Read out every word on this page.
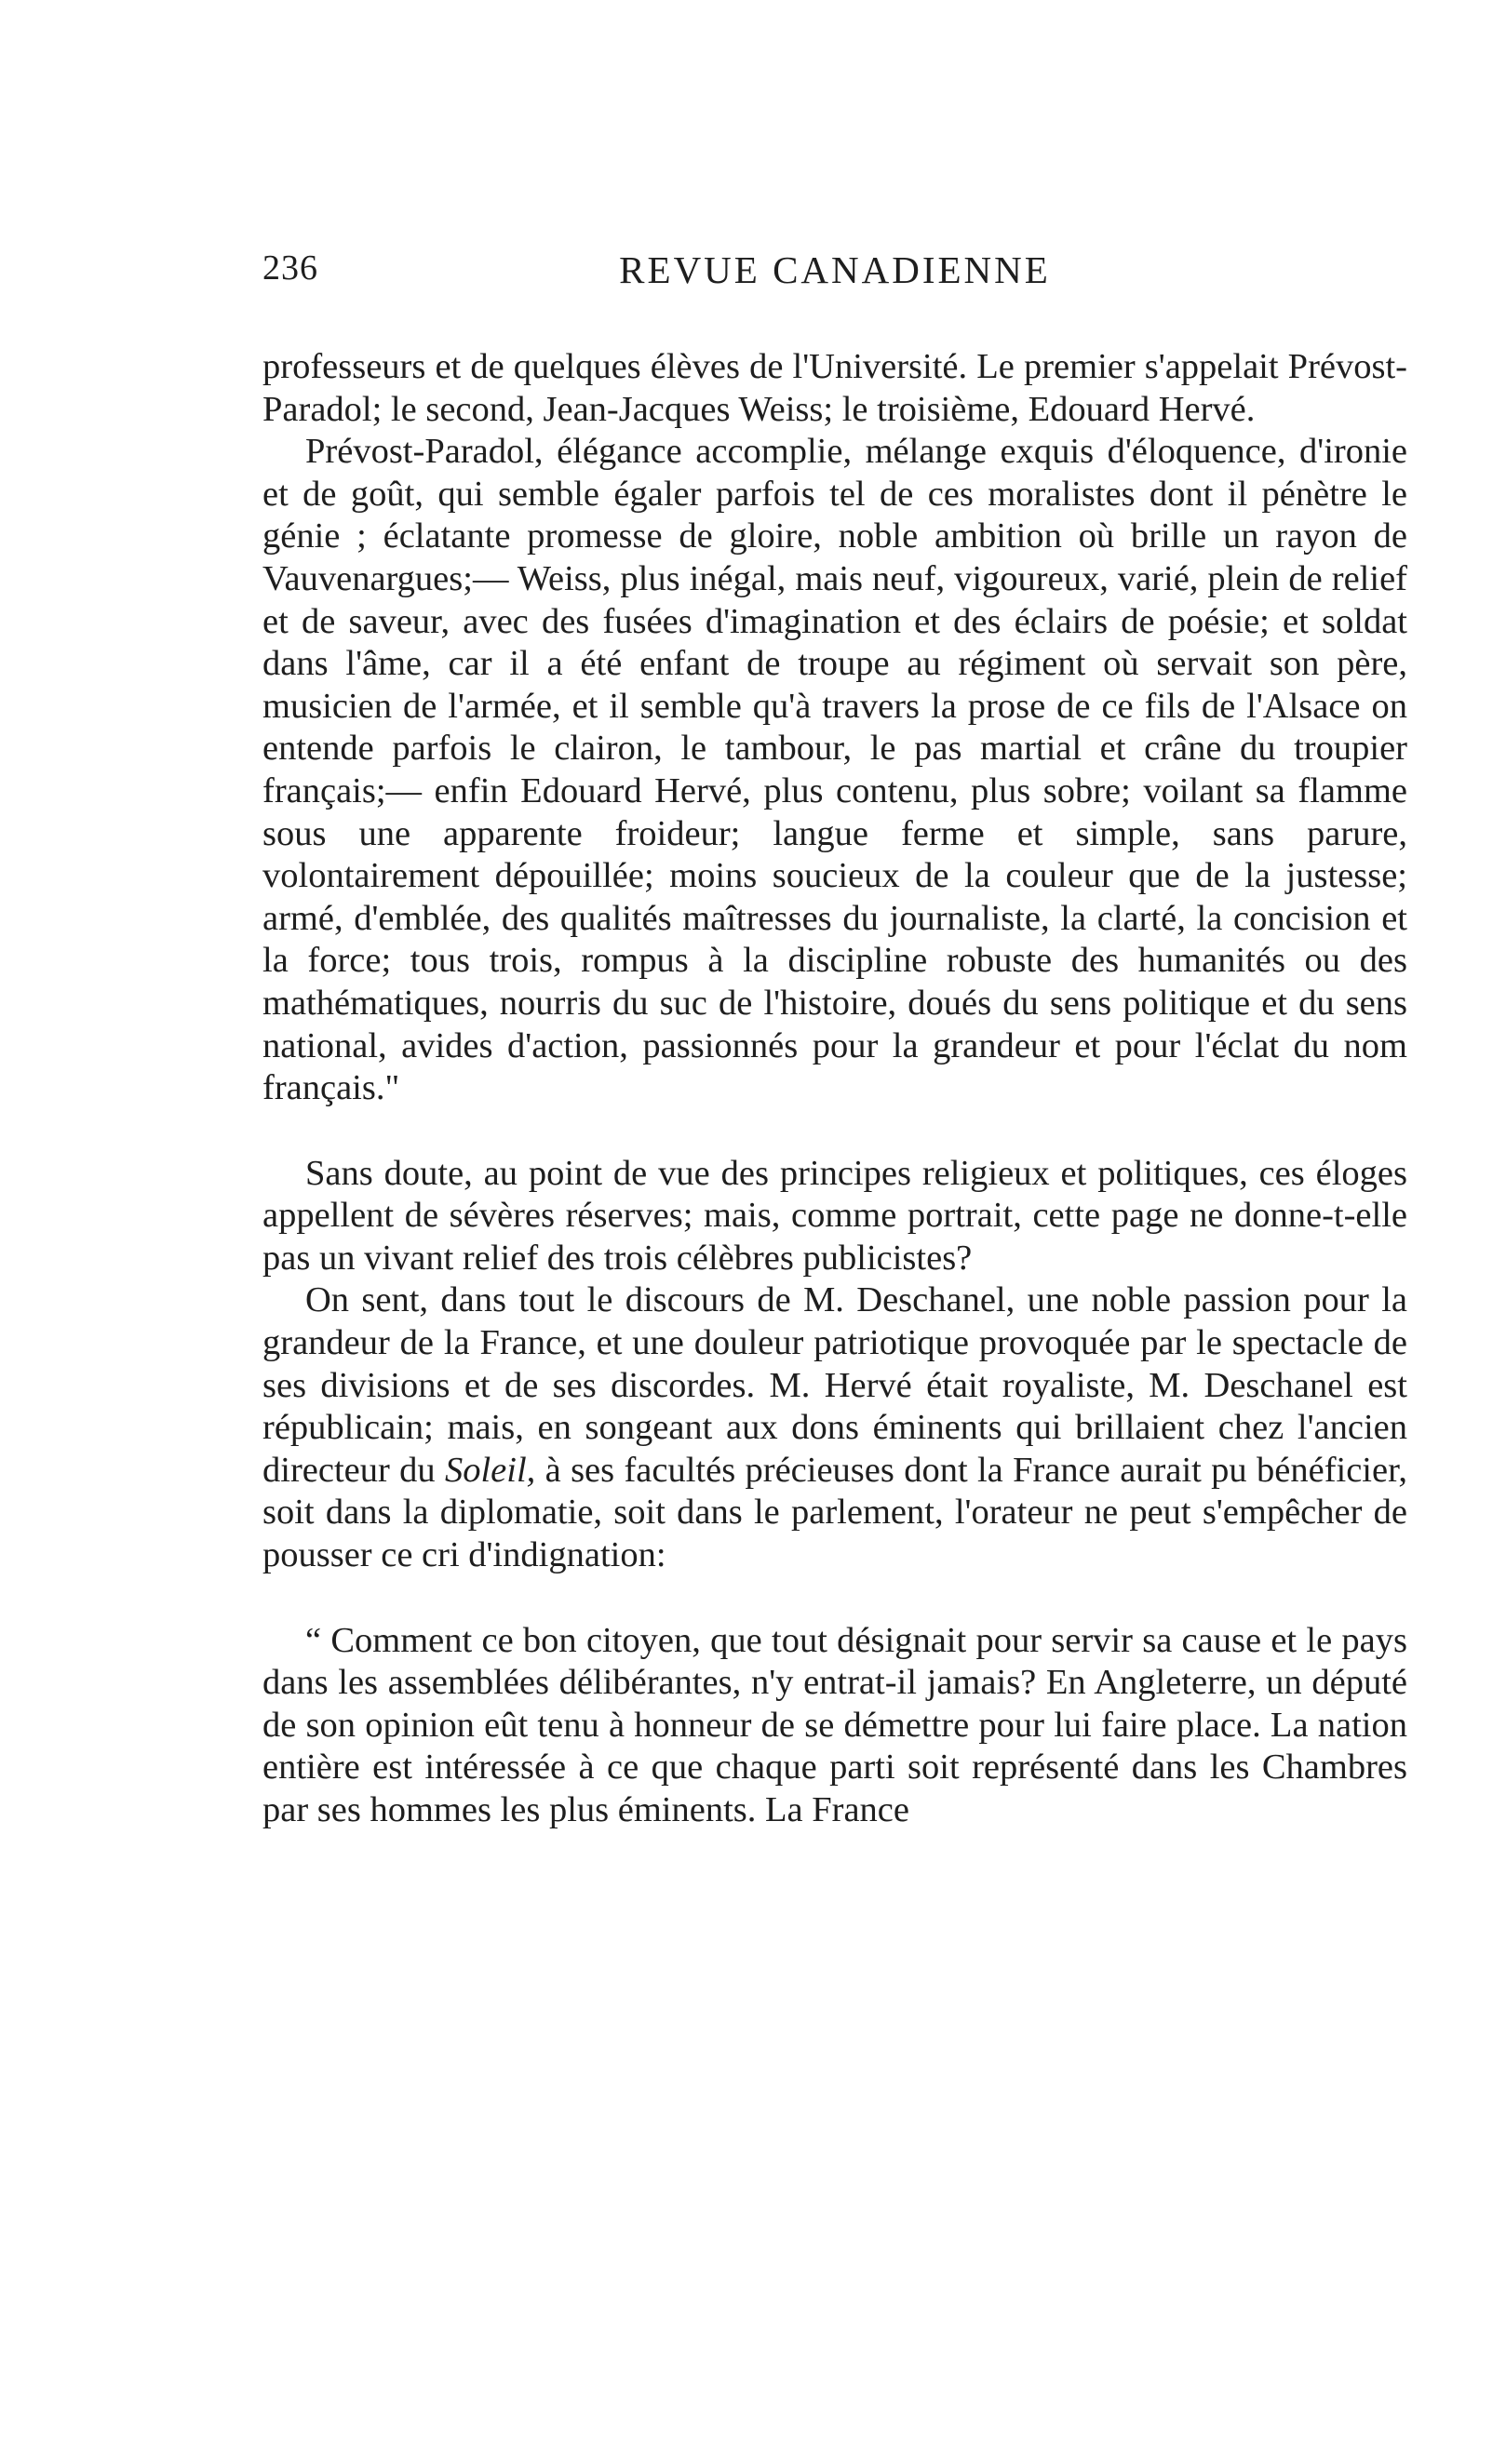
236	REVUE CANADIENNE

professeurs et de quelques élèves de l'Université. Le premier s'appelait Prévost-Paradol; le second, Jean-Jacques Weiss; le troisième, Edouard Hervé.

Prévost-Paradol, élégance accomplie, mélange exquis d'éloquence, d'ironie et de goût, qui semble égaler parfois tel de ces moralistes dont il pénètre le génie ; éclatante promesse de gloire, noble ambition où brille un rayon de Vauvenargues;— Weiss, plus inégal, mais neuf, vigoureux, varié, plein de relief et de saveur, avec des fusées d'imagination et des éclairs de poésie; et soldat dans l'âme, car il a été enfant de troupe au régiment où servait son père, musicien de l'armée, et il semble qu'à travers la prose de ce fils de l'Alsace on entende parfois le clairon, le tambour, le pas martial et crâne du troupier français;— enfin Edouard Hervé, plus contenu, plus sobre; voilant sa flamme sous une apparente froideur; langue ferme et simple, sans parure, volontairement dépouillée; moins soucieux de la couleur que de la justesse; armé, d'emblée, des qualités maîtresses du journaliste, la clarté, la concision et la force; tous trois, rompus à la discipline robuste des humanités ou des mathématiques, nourris du suc de l'histoire, doués du sens politique et du sens national, avides d'action, passionnés pour la grandeur et pour l'éclat du nom français."

Sans doute, au point de vue des principes religieux et politiques, ces éloges appellent de sévères réserves; mais, comme portrait, cette page ne donne-t-elle pas un vivant relief des trois célèbres publicistes?

On sent, dans tout le discours de M. Deschanel, une noble passion pour la grandeur de la France, et une douleur patriotique provoquée par le spectacle de ses divisions et de ses discordes. M. Hervé était royaliste, M. Deschanel est républicain; mais, en songeant aux dons éminents qui brillaient chez l'ancien directeur du Soleil, à ses facultés précieuses dont la France aurait pu bénéficier, soit dans la diplomatie, soit dans le parlement, l'orateur ne peut s'empêcher de pousser ce cri d'indignation:

“ Comment ce bon citoyen, que tout désignait pour servir sa cause et le pays dans les assemblées délibérantes, n'y entrat-il jamais? En Angleterre, un député de son opinion eût tenu à honneur de se démettre pour lui faire place. La nation entière est intéressée à ce que chaque parti soit représenté dans les Chambres par ses hommes les plus éminents. La France
